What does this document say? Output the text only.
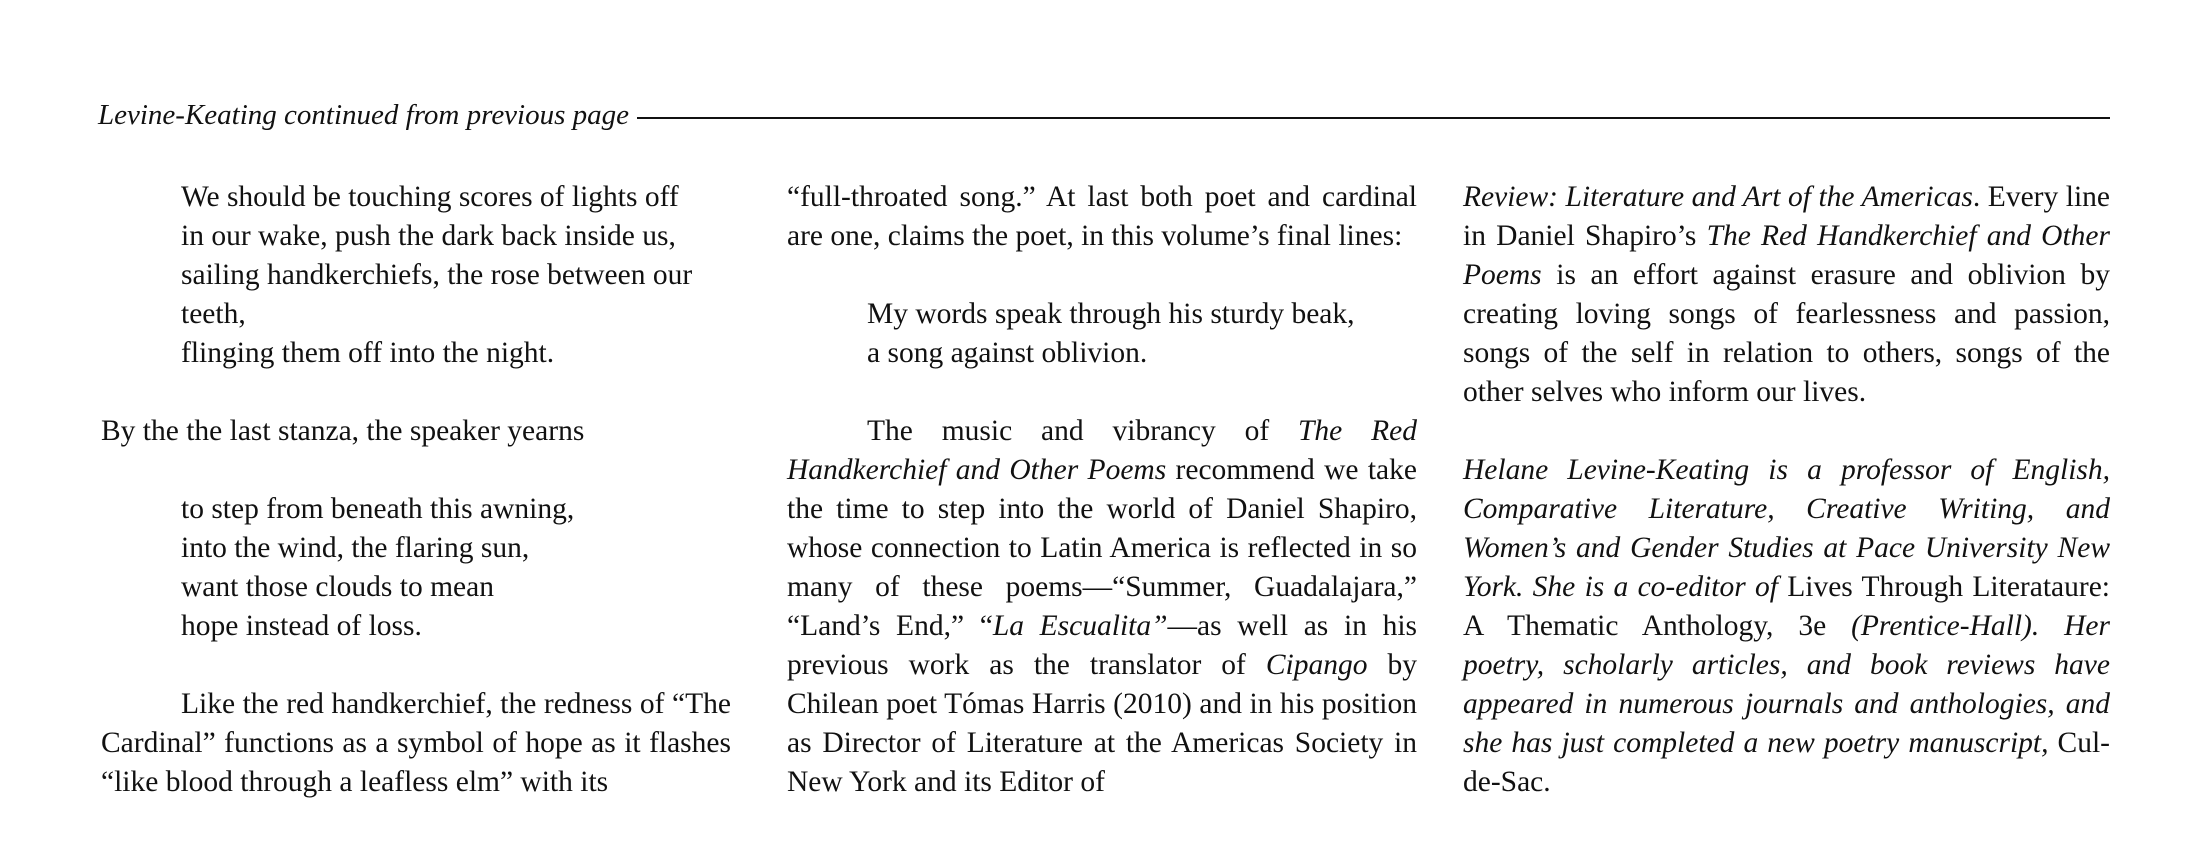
Levine-Keating continued from previous page
We should be touching scores of lights off
in our wake, push the dark back inside us,
sailing handkerchiefs, the rose between our
teeth,
flinging them off into the night.

By the the last stanza, the speaker yearns

to step from beneath this awning,
into the wind, the flaring sun,
want those clouds to mean
hope instead of loss.

Like the red handkerchief, the redness of “The Cardinal” functions as a symbol of hope as it flashes “like blood through a leafless elm” with its

“full-throated song.” At last both poet and cardinal are one, claims the poet, in this volume’s final lines:

My words speak through his sturdy beak,
a song against oblivion.

The music and vibrancy of The Red Handkerchief and Other Poems recommend we take the time to step into the world of Daniel Shapiro, whose connection to Latin America is reflected in so many of these poems—“Summer, Guadalajara,” “Land’s End,” “La Escualita”—as well as in his previous work as the translator of Cipango by Chilean poet Tómas Harris (2010) and in his position as Director of Literature at the Americas Society in New York and its Editor of

Review: Literature and Art of the Americas. Every line in Daniel Shapiro’s The Red Handkerchief and Other Poems is an effort against erasure and oblivion by creating loving songs of fearlessness and passion, songs of the self in relation to others, songs of the other selves who inform our lives.

Helane Levine-Keating is a professor of English, Comparative Literature, Creative Writing, and Women’s and Gender Studies at Pace University New York. She is a co-editor of Lives Through Literataure: A Thematic Anthology, 3e (Prentice-Hall). Her poetry, scholarly articles, and book reviews have appeared in numerous journals and anthologies, and she has just completed a new poetry manuscript, Cul-de-Sac.
